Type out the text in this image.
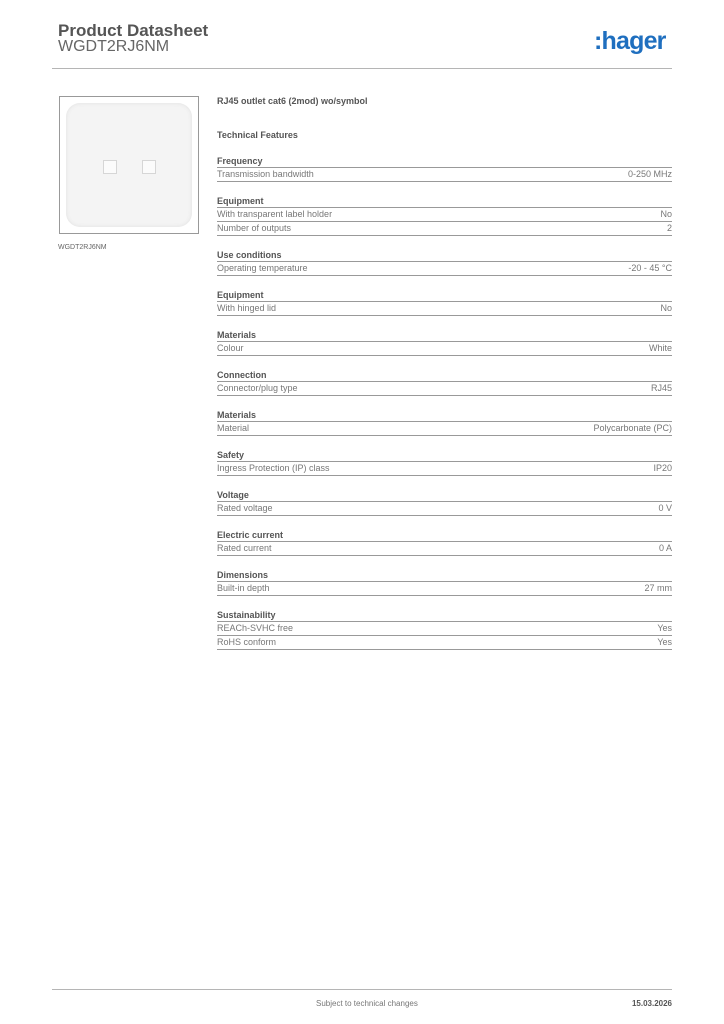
Product Datasheet
WGDT2RJ6NM	:hager
WGDT2RJ6NM
RJ45 outlet cat6 (2mod) wo/symbol
Technical Features
Frequency
Transmission bandwidth	0-250 MHz
Equipment
With transparent label holder	No
Number of outputs	2
Use conditions
Operating temperature	-20 - 45 °C
Equipment
With hinged lid	No
Materials
Colour	White
Connection
Connector/plug type	RJ45
Materials
Material	Polycarbonate (PC)
Safety
Ingress Protection (IP) class	IP20
Voltage
Rated voltage	0 V
Electric current
Rated current	0 A
Dimensions
Built-in depth	27 mm
Sustainability
REACh-SVHC free	Yes
RoHS conform	Yes
Subject to technical changes	15.03.2026
